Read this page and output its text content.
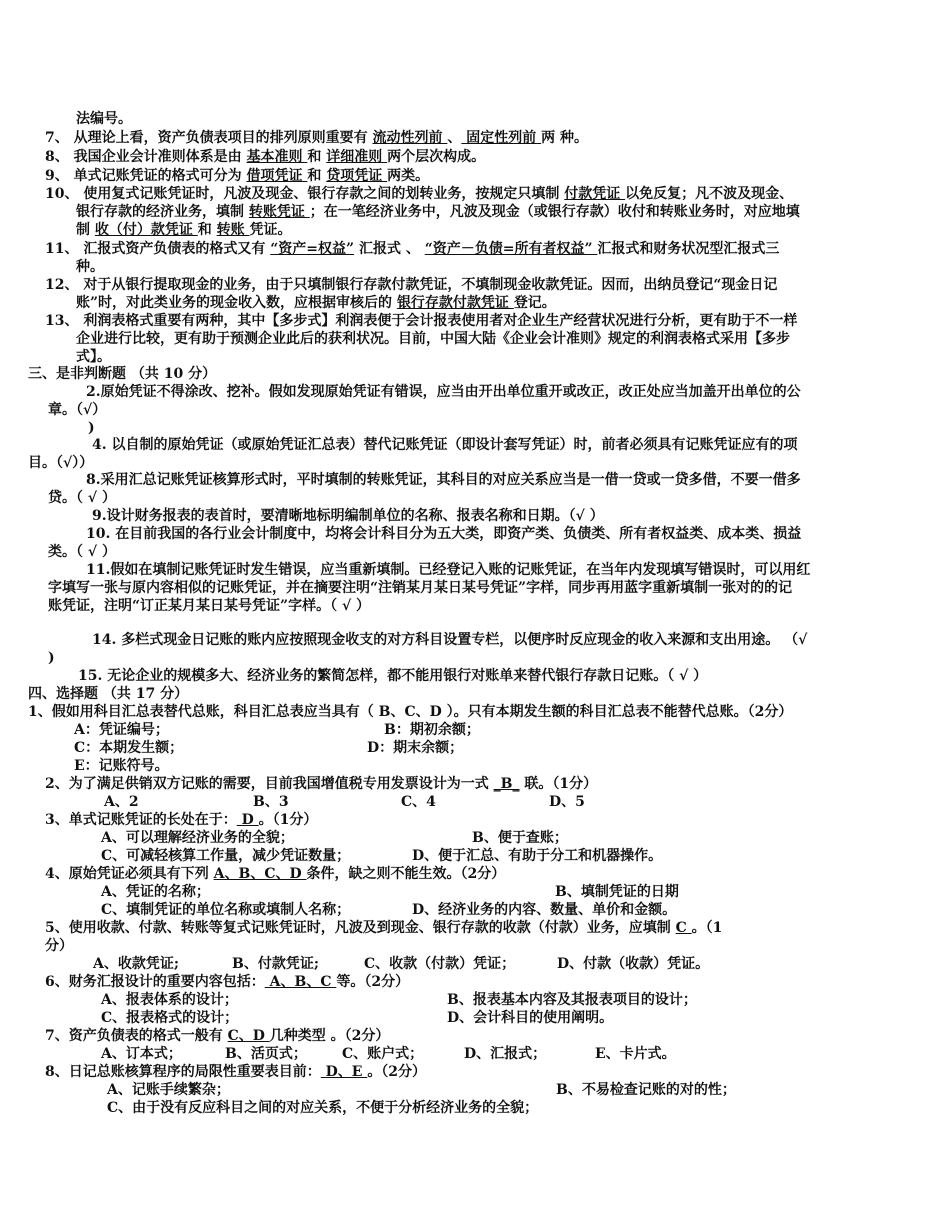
法编号。
7、 从理论上看，资产负债表项目的排列原则重要有 流动性列前 、 固定性列前 两 种。
8、 我国企业会计准则体系是由 基本准则 和 详细准则 两个层次构成。
9、 单式记账凭证的格式可分为 借项凭证 和 贷项凭证 两类。
10、 使用复式记账凭证时，凡波及现金、银行存款之间的划转业务，按规定只填制 付款凭证 以免反复；凡不波及现金、
银行存款的经济业务，填制 转账凭证 ；在一笔经济业务中，凡波及现金（或银行存款）收付和转账业务时，对应地填
制 收（付）款凭证 和 转账 凭证。
11、 汇报式资产负债表的格式又有 “资产=权益” 汇报式 、 “资产－负债=所有者权益” 汇报式和财务状况型汇报式三
种。
12、 对于从银行提取现金的业务，由于只填制银行存款付款凭证，不填制现金收款凭证。因而，出纳员登记“现金日记
账”时，对此类业务的现金收入数，应根据审核后的 银行存款付款凭证 登记。
13、 利润表格式重要有两种，其中【多步式】利润表便于会计报表使用者对企业生产经营状况进行分析，更有助于不一样
企业进行比较，更有助于预测企业此后的获利状况。目前，中国大陆《企业会计准则》规定的利润表格式采用【多步
式】。
三、是非判断题 （共 10 分）
2.原始凭证不得涂改、挖补。假如发现原始凭证有错误，应当由开出单位重开或改正，改正处应当加盖开出单位的公
章。（√）
)
4. 以自制的原始凭证（或原始凭证汇总表）替代记账凭证（即设计套写凭证）时，前者必须具有记账凭证应有的项
目。（√））
8.采用汇总记账凭证核算形式时，平时填制的转账凭证，其科目的对应关系应当是一借一贷或一贷多借，不要一借多
贷。（ √ ）
9.设计财务报表的表首时，要清晰地标明编制单位的名称、报表名称和日期。（√ ）
10. 在目前我国的各行业会计制度中，均将会计科目分为五大类，即资产类、负债类、所有者权益类、成本类、损益
类。（ √ ）
11.假如在填制记账凭证时发生错误，应当重新填制。已经登记入账的记账凭证，在当年内发现填写错误时，可以用红
字填写一张与原内容相似的记账凭证，并在摘要注明“注销某月某日某号凭证”字样，同步再用蓝字重新填制一张对的的记
账凭证，注明“订正某月某日某号凭证”字样。（ √ ）
14. 多栏式现金日记账的账内应按照现金收支的对方科目设置专栏，以便序时反应现金的收入来源和支出用途。 （√
)
15. 无论企业的规模多大、经济业务的繁简怎样，都不能用银行对账单来替代银行存款日记账。（ √ ）
四、选择题 （共 17 分）
1、假如用科目汇总表替代总账，科目汇总表应当具有（ B、C、D ）。只有本期发生额的科目汇总表不能替代总账。（2分）
A：凭证编号；	B：期初余额；
C：本期发生额；	D：期末余额；
E：记账符号。
2、为了满足供销双方记账的需要，目前我国增值税专用发票设计为一式 _B_ 联。（1分）
A、2	B、3	C、4	D、5
3、单式记账凭证的长处在于： D 。（1分）
A、可以理解经济业务的全貌；	B、便于查账；
C、可减轻核算工作量，减少凭证数量；	D、便于汇总、有助于分工和机器操作。
4、原始凭证必须具有下列 A、B、C、D 条件，缺之则不能生效。（2分）
A、凭证的名称；	B、填制凭证的日期
C、填制凭证的单位名称或填制人名称；	D、经济业务的内容、数量、单价和金额。
5、使用收款、付款、转账等复式记账凭证时，凡波及到现金、银行存款的收款（付款）业务，应填制 C 。（1
分）
A、收款凭证;	B、付款凭证;	C、收款（付款）凭证；	D、付款（收款）凭证。
6、财务汇报设计的重要内容包括： A、B、C 等。（2分）
A、报表体系的设计；	B、报表基本内容及其报表项目的设计；
C、报表格式的设计；	D、会计科目的使用阐明。
7、资产负债表的格式一般有 C、D 几种类型 。（2分）
A、订本式；	B、活页式；	C、账户式；	D、汇报式；	E、卡片式。
8、日记总账核算程序的局限性重要表目前： D、E 。（2分）
A、记账手续繁杂；	B、不易检查记账的对的性；
C、由于没有反应科目之间的对应关系，不便于分析经济业务的全貌；
